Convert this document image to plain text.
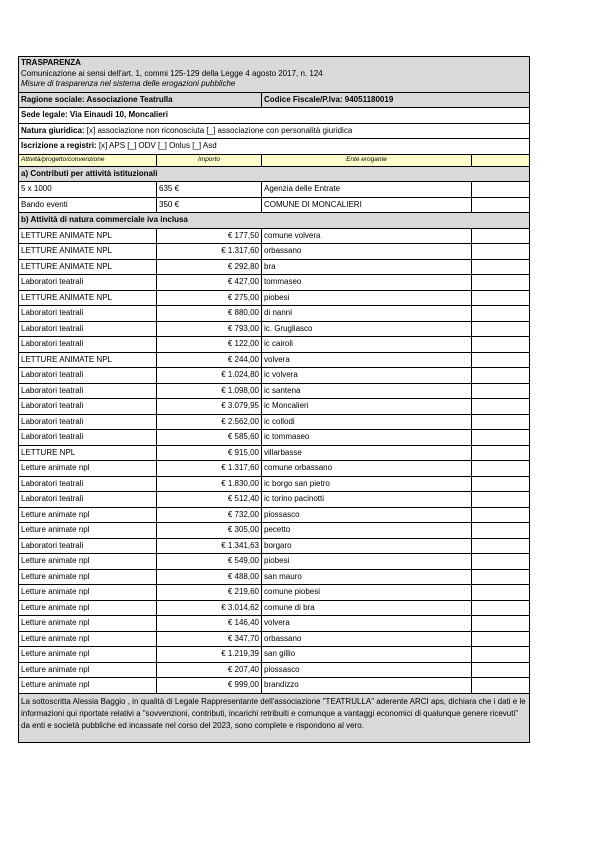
TRASPARENZA
Comunicazione ai sensi dell'art. 1, commi 125-129 della Legge 4 agosto 2017, n. 124
Misure di trasparenza nel sistema delle erogazioni pubbliche			

Ragione sociale: Associazione Teatrulla		Codice Fiscale/P.Iva: 94051180019	
Sede legale: Via Einaudi 10, Moncalieri			
Natura giuridica: [x] associazione non riconosciuta [_] associazione con personalità giuridica			
Iscrizione a registri: [x] APS [_] ODV [_] Onlus [_] Asd			
Attività/progetto/convenzione	Importo	Ente erogante	
a) Contributi per attività istituzionali			
5 x 1000	635 €	Agenzia delle Entrate	
Bando eventi	350 €	COMUNE DI MONCALIERI	
b) Attività di natura commerciale iva inclusa			
LETTURE ANIMATE NPL	€ 177,50	comune volvera	
LETTURE ANIMATE NPL	€ 1.317,60	orbassano	
LETTURE ANIMATE NPL	€ 292,80	bra	
Laboratori teatrali	€ 427,00	tommaseo	
LETTURE ANIMATE NPL	€ 275,00	piobesi	
Laboratori teatrali	€ 880,00	di nanni	
Laboratori teatrali	€ 793,00	ic. Grugliasco	
Laboratori teatrali	€ 122,00	ic cairoli	
LETTURE ANIMATE NPL	€ 244,00	volvera	
Laboratori teatrali	€ 1.024,80	ic volvera	
Laboratori teatrali	€ 1.098,00	ic santena	
Laboratori teatrali	€ 3.079,95	ic Moncalieri	
Laboratori teatrali	€ 2.562,00	ic collodi	
Laboratori teatrali	€ 585,60	ic tommaseo	
LETTURE NPL	€ 915,00	villarbasse	
Letture animate npl	€ 1.317,60	comune orbassano	
Laboratori teatrali	€ 1.830,00	ic borgo san pietro	
Laboratori teatrali	€ 512,40	ic torino pacinotti	
Letture animate npl	€ 732,00	piossasco	
Letture animate npl	€ 305,00	pecetto	
Laboratori teatrali	€ 1.341,63	borgaro	
Letture animate npl	€ 549,00	piobesi	
Letture animate npl	€ 488,00	san mauro	
Letture animate npl	€ 219,60	comune piobesi	
Letture animate npl	€ 3.014,62	comune di bra	
Letture animate npl	€ 146,40	volvera	
Letture animate npl	€ 347,70	orbassano	
Letture animate npl	€ 1.219,39	san gillio	
Letture animate npl	€ 207,40	piossasco	
Letture animate npl	€ 999,00	brandizzo	
La sottoscritta Alessia Baggio , in qualità di Legale Rappresentante dell'associazione "TEATRULLA" aderente ARCI aps, dichiara che i dati e le informazioni qui riportate relativi a "sovvenzioni, contributi, incarichi retribuiti e comunque a vantaggi economici di qualunque genere ricevuti" da enti e società pubbliche ed incassate nel corso del 2023, sono complete e rispondono al vero.			
